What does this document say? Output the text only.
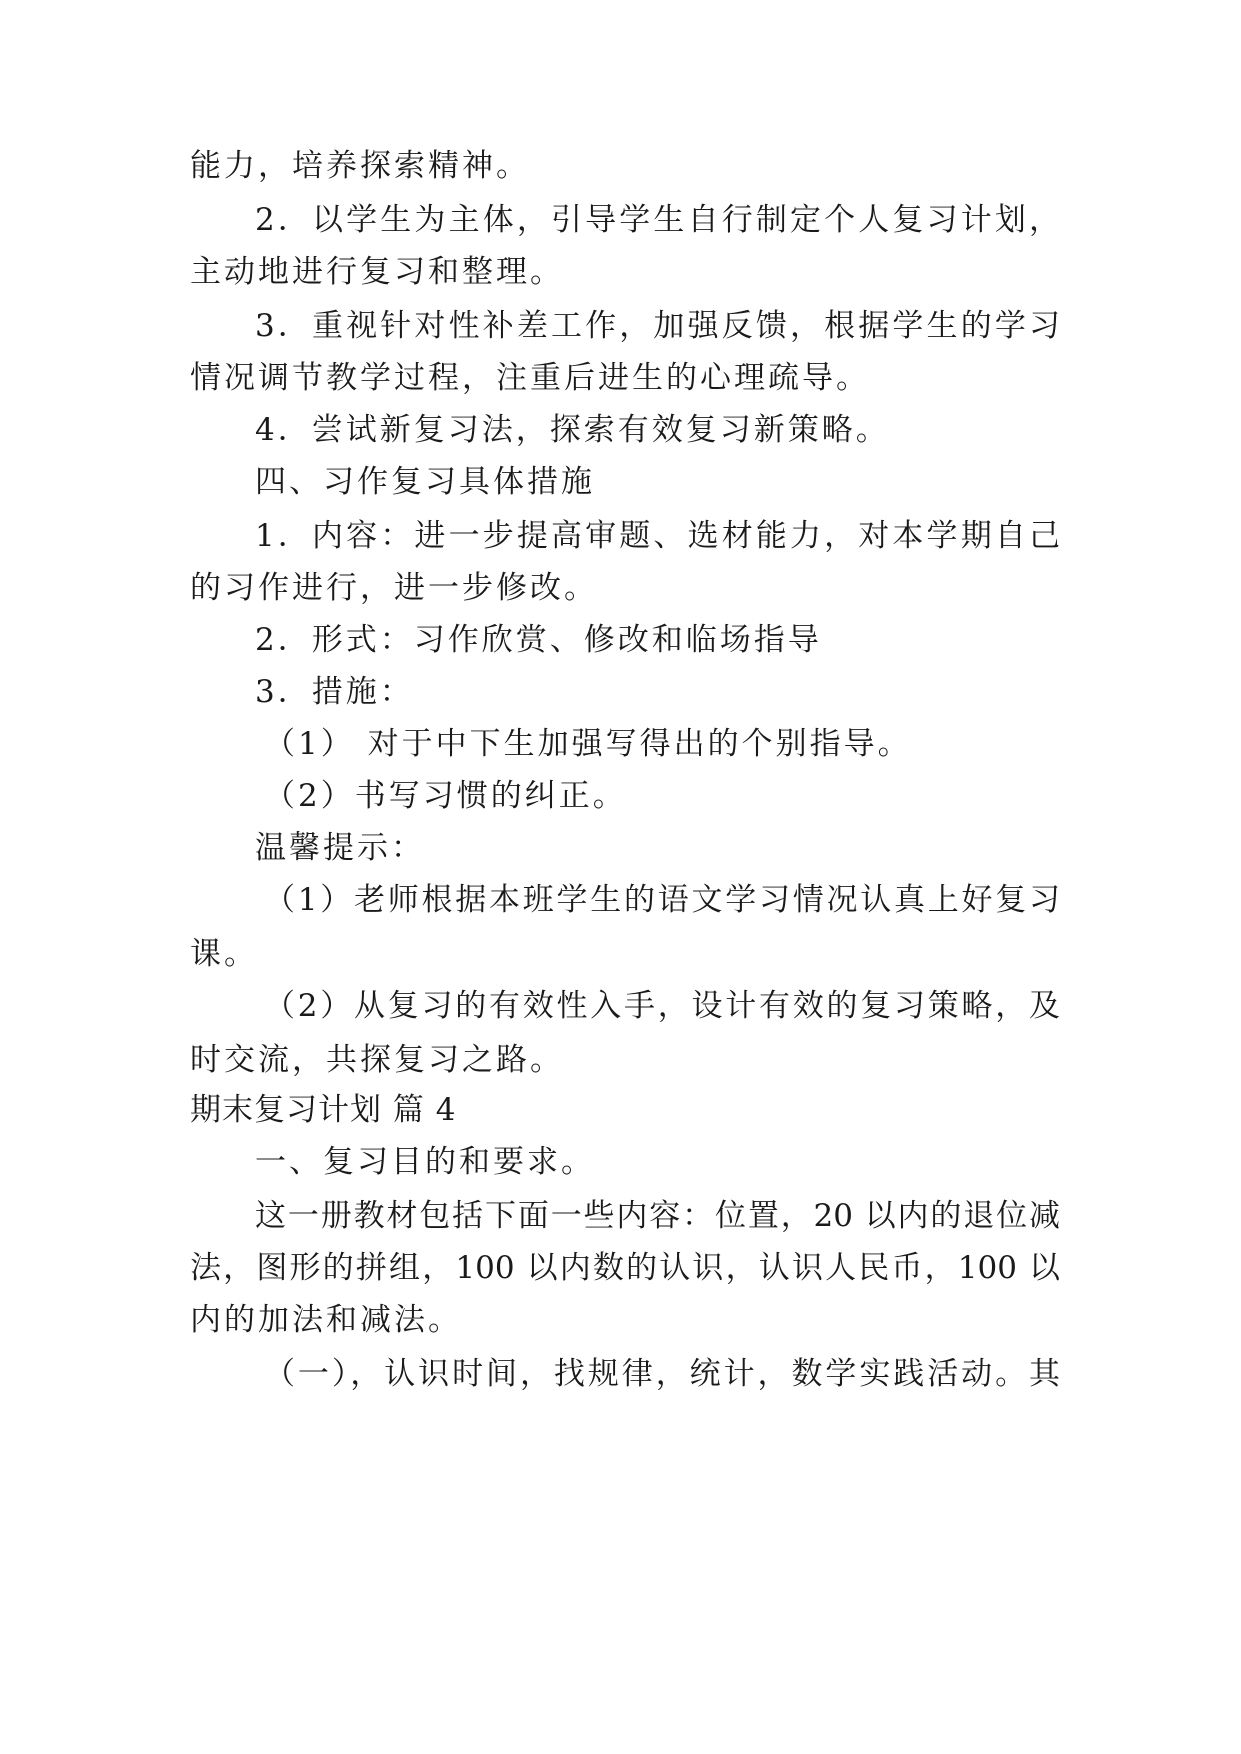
能力，培养探索精神。
2．以学生为主体，引导学生自行制定个人复习计划，
主动地进行复习和整理。
3．重视针对性补差工作，加强反馈，根据学生的学习
情况调节教学过程，注重后进生的心理疏导。
4．尝试新复习法，探索有效复习新策略。
四、习作复习具体措施
1．内容：进一步提高审题、选材能力，对本学期自己
的习作进行，进一步修改。
2．形式：习作欣赏、修改和临场指导
3．措施：
（1） 对于中下生加强写得出的个别指导。
（2）书写习惯的纠正。
温馨提示：
（1）老师根据本班学生的语文学习情况认真上好复习
课。
（2）从复习的有效性入手，设计有效的复习策略，及
时交流，共探复习之路。
期末复习计划 篇 4
一、复习目的和要求。
这一册教材包括下面一些内容：位置，20 以内的退位减
法，图形的拼组，100 以内数的认识，认识人民币，100 以
内的加法和减法。
（一），认识时间，找规律，统计，数学实践活动。其
